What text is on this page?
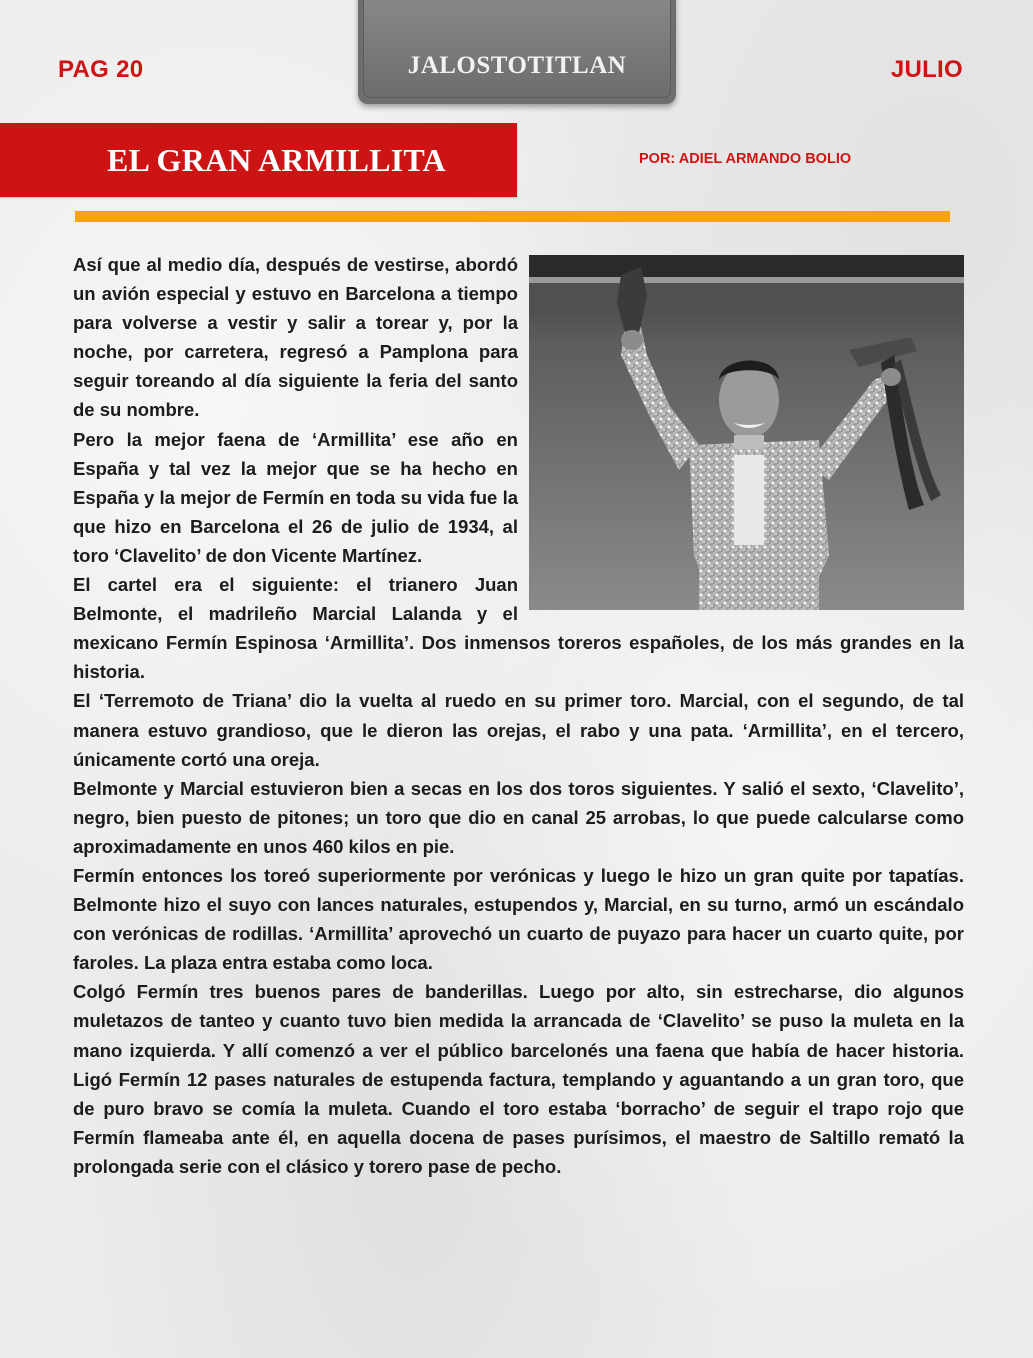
PAG 20	JALOSTOTITLAN	JULIO
EL GRAN ARMILLITA	POR: ADIEL ARMANDO BOLIO

Así que al medio día, después de vestirse, abordó un avión especial y estuvo en Barcelona a tiempo para volverse a vestir y salir a torear y, por la noche, por carretera, regresó a Pamplona para seguir toreando al día siguiente la feria del santo de su nombre.

Pero la mejor faena de ‘Armillita’ ese año en España y tal vez la mejor que se ha hecho en España y la mejor de Fermín en toda su vida fue la que hizo en Barcelona el 26 de julio de 1934, al toro ‘Clavelito’ de don Vicente Martínez.

El cartel era el siguiente: el trianero Juan Belmonte, el madrileño Marcial Lalanda y el mexicano Fermín Espinosa ‘Armillita’. Dos inmensos toreros españoles, de los más grandes en la historia.

El ‘Terremoto de Triana’ dio la vuelta al ruedo en su primer toro. Marcial, con el segundo, de tal manera estuvo grandioso, que le dieron las orejas, el rabo y una pata. ‘Armillita’, en el tercero, únicamente cortó una oreja.

Belmonte y Marcial estuvieron bien a secas en los dos toros siguientes. Y salió el sexto, ‘Clavelito’, negro, bien puesto de pitones; un toro que dio en canal 25 arrobas, lo que puede calcularse como aproximadamente en unos 460 kilos en pie.

Fermín entonces los toreó superiormente por verónicas y luego le hizo un gran quite por tapatías. Belmonte hizo el suyo con lances naturales, estupendos y, Marcial, en su turno, armó un escándalo con verónicas de rodillas. ‘Armillita’ aprovechó un cuarto de puyazo para hacer un cuarto quite, por faroles. La plaza entra estaba como loca.

Colgó Fermín tres buenos pares de banderillas. Luego por alto, sin estrecharse, dio algunos muletazos de tanteo y cuanto tuvo bien medida la arrancada de ‘Clavelito’ se puso la muleta en la mano izquierda. Y allí comenzó a ver el público barcelonés una faena que había de hacer historia. Ligó Fermín 12 pases naturales de estupenda factura, templando y aguantando a un gran toro, que de puro bravo se comía la muleta. Cuando el toro estaba ‘borracho’ de seguir el trapo rojo que Fermín flameaba ante él, en aquella docena de pases purísimos, el maestro de Saltillo remató la prolongada serie con el clásico y torero pase de pecho.
